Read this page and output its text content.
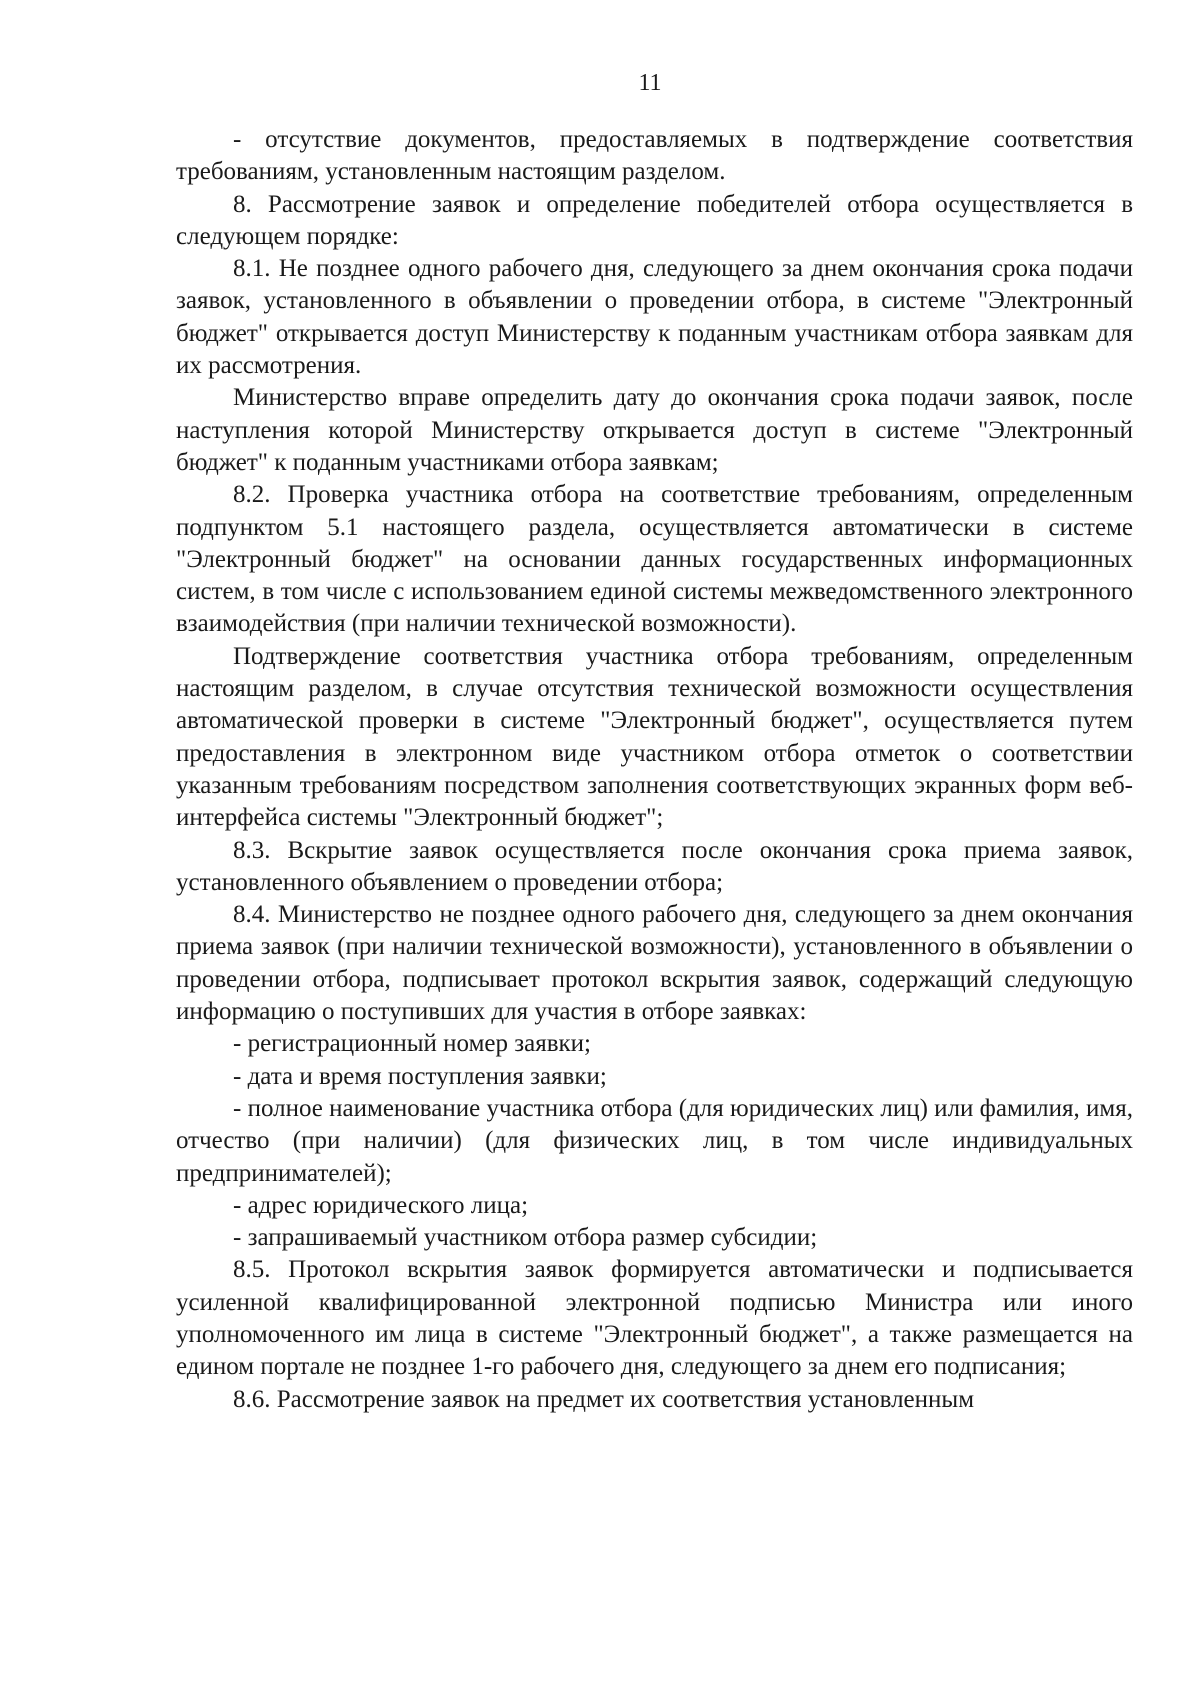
11

- отсутствие документов, предоставляемых в подтверждение соответствия требованиям, установленным настоящим разделом.

8. Рассмотрение заявок и определение победителей отбора осуществляется в следующем порядке:

8.1. Не позднее одного рабочего дня, следующего за днем окончания срока подачи заявок, установленного в объявлении о проведении отбора, в системе "Электронный бюджет" открывается доступ Министерству к поданным участникам отбора заявкам для их рассмотрения.

Министерство вправе определить дату до окончания срока подачи заявок, после наступления которой Министерству открывается доступ в системе "Электронный бюджет" к поданным участниками отбора заявкам;

8.2. Проверка участника отбора на соответствие требованиям, определенным подпунктом 5.1 настоящего раздела, осуществляется автоматически в системе "Электронный бюджет" на основании данных государственных информационных систем, в том числе с использованием единой системы межведомственного электронного взаимодействия (при наличии технической возможности).

Подтверждение соответствия участника отбора требованиям, определенным настоящим разделом, в случае отсутствия технической возможности осуществления автоматической проверки в системе "Электронный бюджет", осуществляется путем предоставления в электронном виде участником отбора отметок о соответствии указанным требованиям посредством заполнения соответствующих экранных форм веб-интерфейса системы "Электронный бюджет";

8.3. Вскрытие заявок осуществляется после окончания срока приема заявок, установленного объявлением о проведении отбора;

8.4. Министерство не позднее одного рабочего дня, следующего за днем окончания приема заявок (при наличии технической возможности), установленного в объявлении о проведении отбора, подписывает протокол вскрытия заявок, содержащий следующую информацию о поступивших для участия в отборе заявках:

- регистрационный номер заявки;

- дата и время поступления заявки;

- полное наименование участника отбора (для юридических лиц) или фамилия, имя, отчество (при наличии) (для физических лиц, в том числе индивидуальных предпринимателей);

- адрес юридического лица;

- запрашиваемый участником отбора размер субсидии;

8.5. Протокол вскрытия заявок формируется автоматически и подписывается усиленной квалифицированной электронной подписью Министра или иного уполномоченного им лица в системе "Электронный бюджет", а также размещается на едином портале не позднее 1-го рабочего дня, следующего за днем его подписания;

8.6. Рассмотрение заявок на предмет их соответствия установленным
